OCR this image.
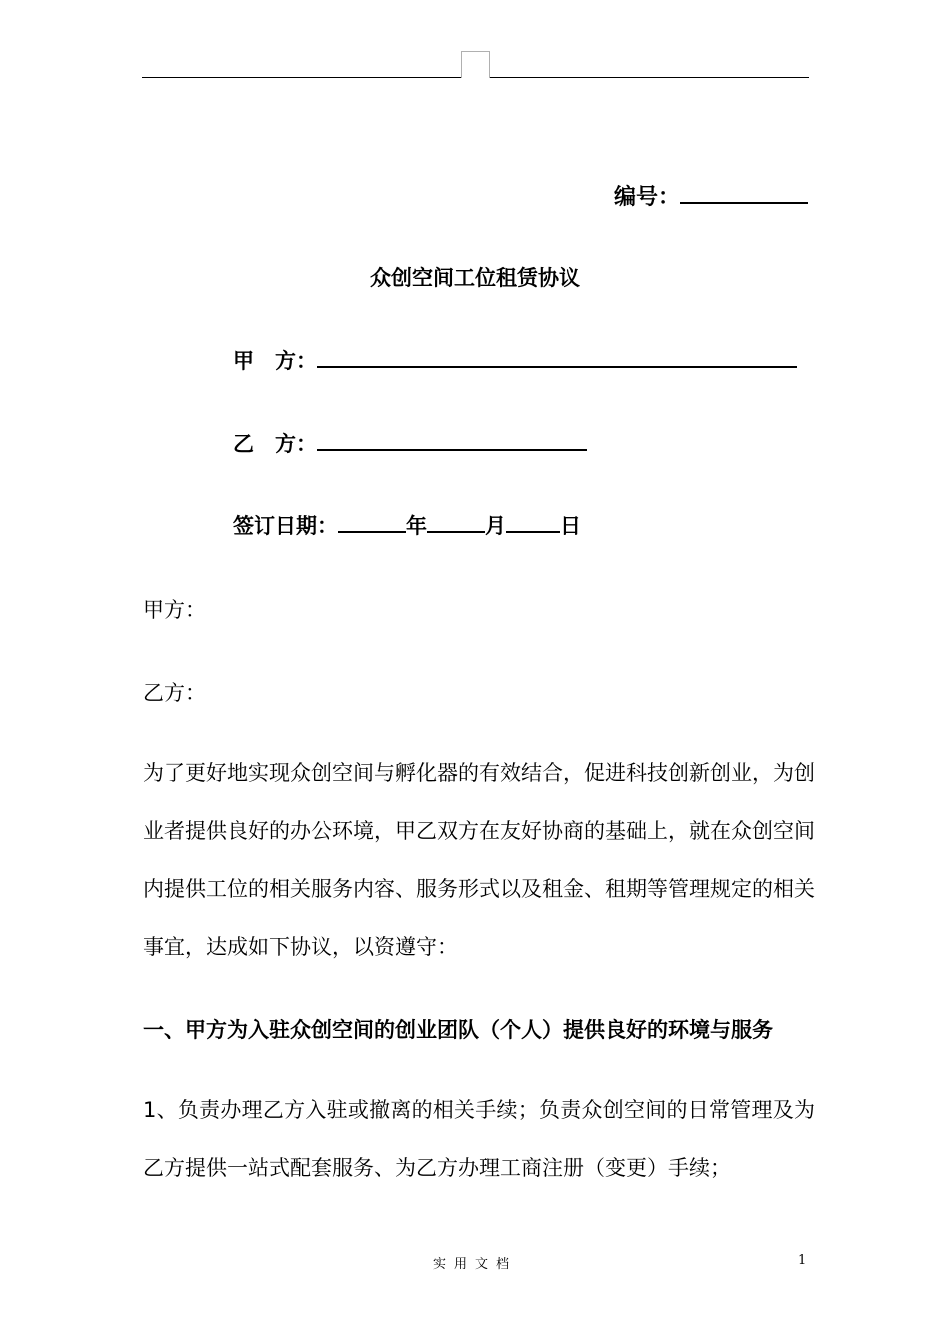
编号：
众创空间工位租赁协议
甲　方：
乙　方：
签订日期：	年	月	日
甲方：
乙方：
为了更好地实现众创空间与孵化器的有效结合，促进科技创新创业，为创业者提供良好的办公环境，甲乙双方在友好协商的基础上，就在众创空间内提供工位的相关服务内容、服务形式以及租金、租期等管理规定的相关事宜，达成如下协议，以资遵守：
一、甲方为入驻众创空间的创业团队（个人）提供良好的环境与服务
1、负责办理乙方入驻或撤离的相关手续；负责众创空间的日常管理及为乙方提供一站式配套服务、为乙方办理工商注册（变更）手续；
实用文档	1
